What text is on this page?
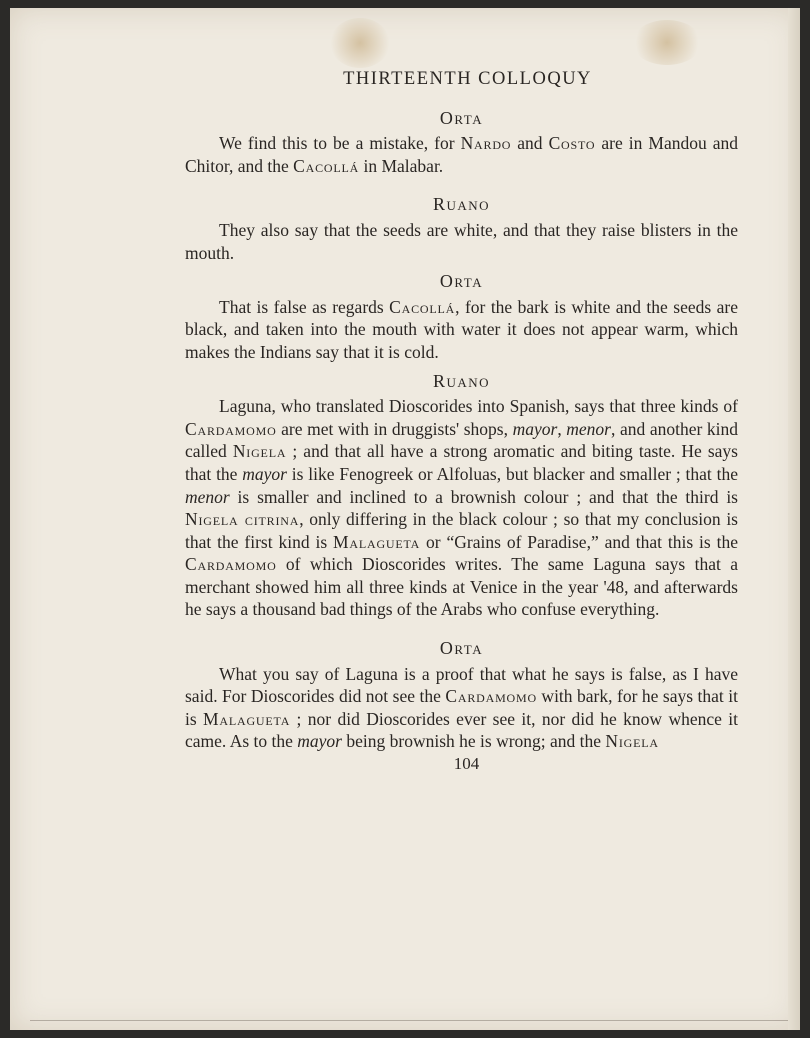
THIRTEENTH COLLOQUY
Orta

We find this to be a mistake, for Nardo and Costo are in Mandou and Chitor, and the Cacollá in Malabar.

Ruano

They also say that the seeds are white, and that they raise blisters in the mouth.

Orta

That is false as regards Cacollá, for the bark is white and the seeds are black, and taken into the mouth with water it does not appear warm, which makes the Indians say that it is cold.

Ruano

Laguna, who translated Dioscorides into Spanish, says that three kinds of Cardamomo are met with in druggists' shops, mayor, menor, and another kind called Nigela ; and that all have a strong aromatic and biting taste. He says that the mayor is like Fenogreek or Alfoluas, but blacker and smaller ; that the menor is smaller and inclined to a brownish colour ; and that the third is Nigela citrina, only differing in the black colour ; so that my conclusion is that the first kind is Malagueta or “Grains of Paradise,” and that this is the Cardamomo of which Dioscorides writes. The same Laguna says that a merchant showed him all three kinds at Venice in the year '48, and afterwards he says a thousand bad things of the Arabs who confuse everything.

Orta

What you say of Laguna is a proof that what he says is false, as I have said. For Dioscorides did not see the Cardamomo with bark, for he says that it is Malagueta ; nor did Dioscorides ever see it, nor did he know whence it came. As to the mayor being brownish he is wrong; and the Nigela

104
